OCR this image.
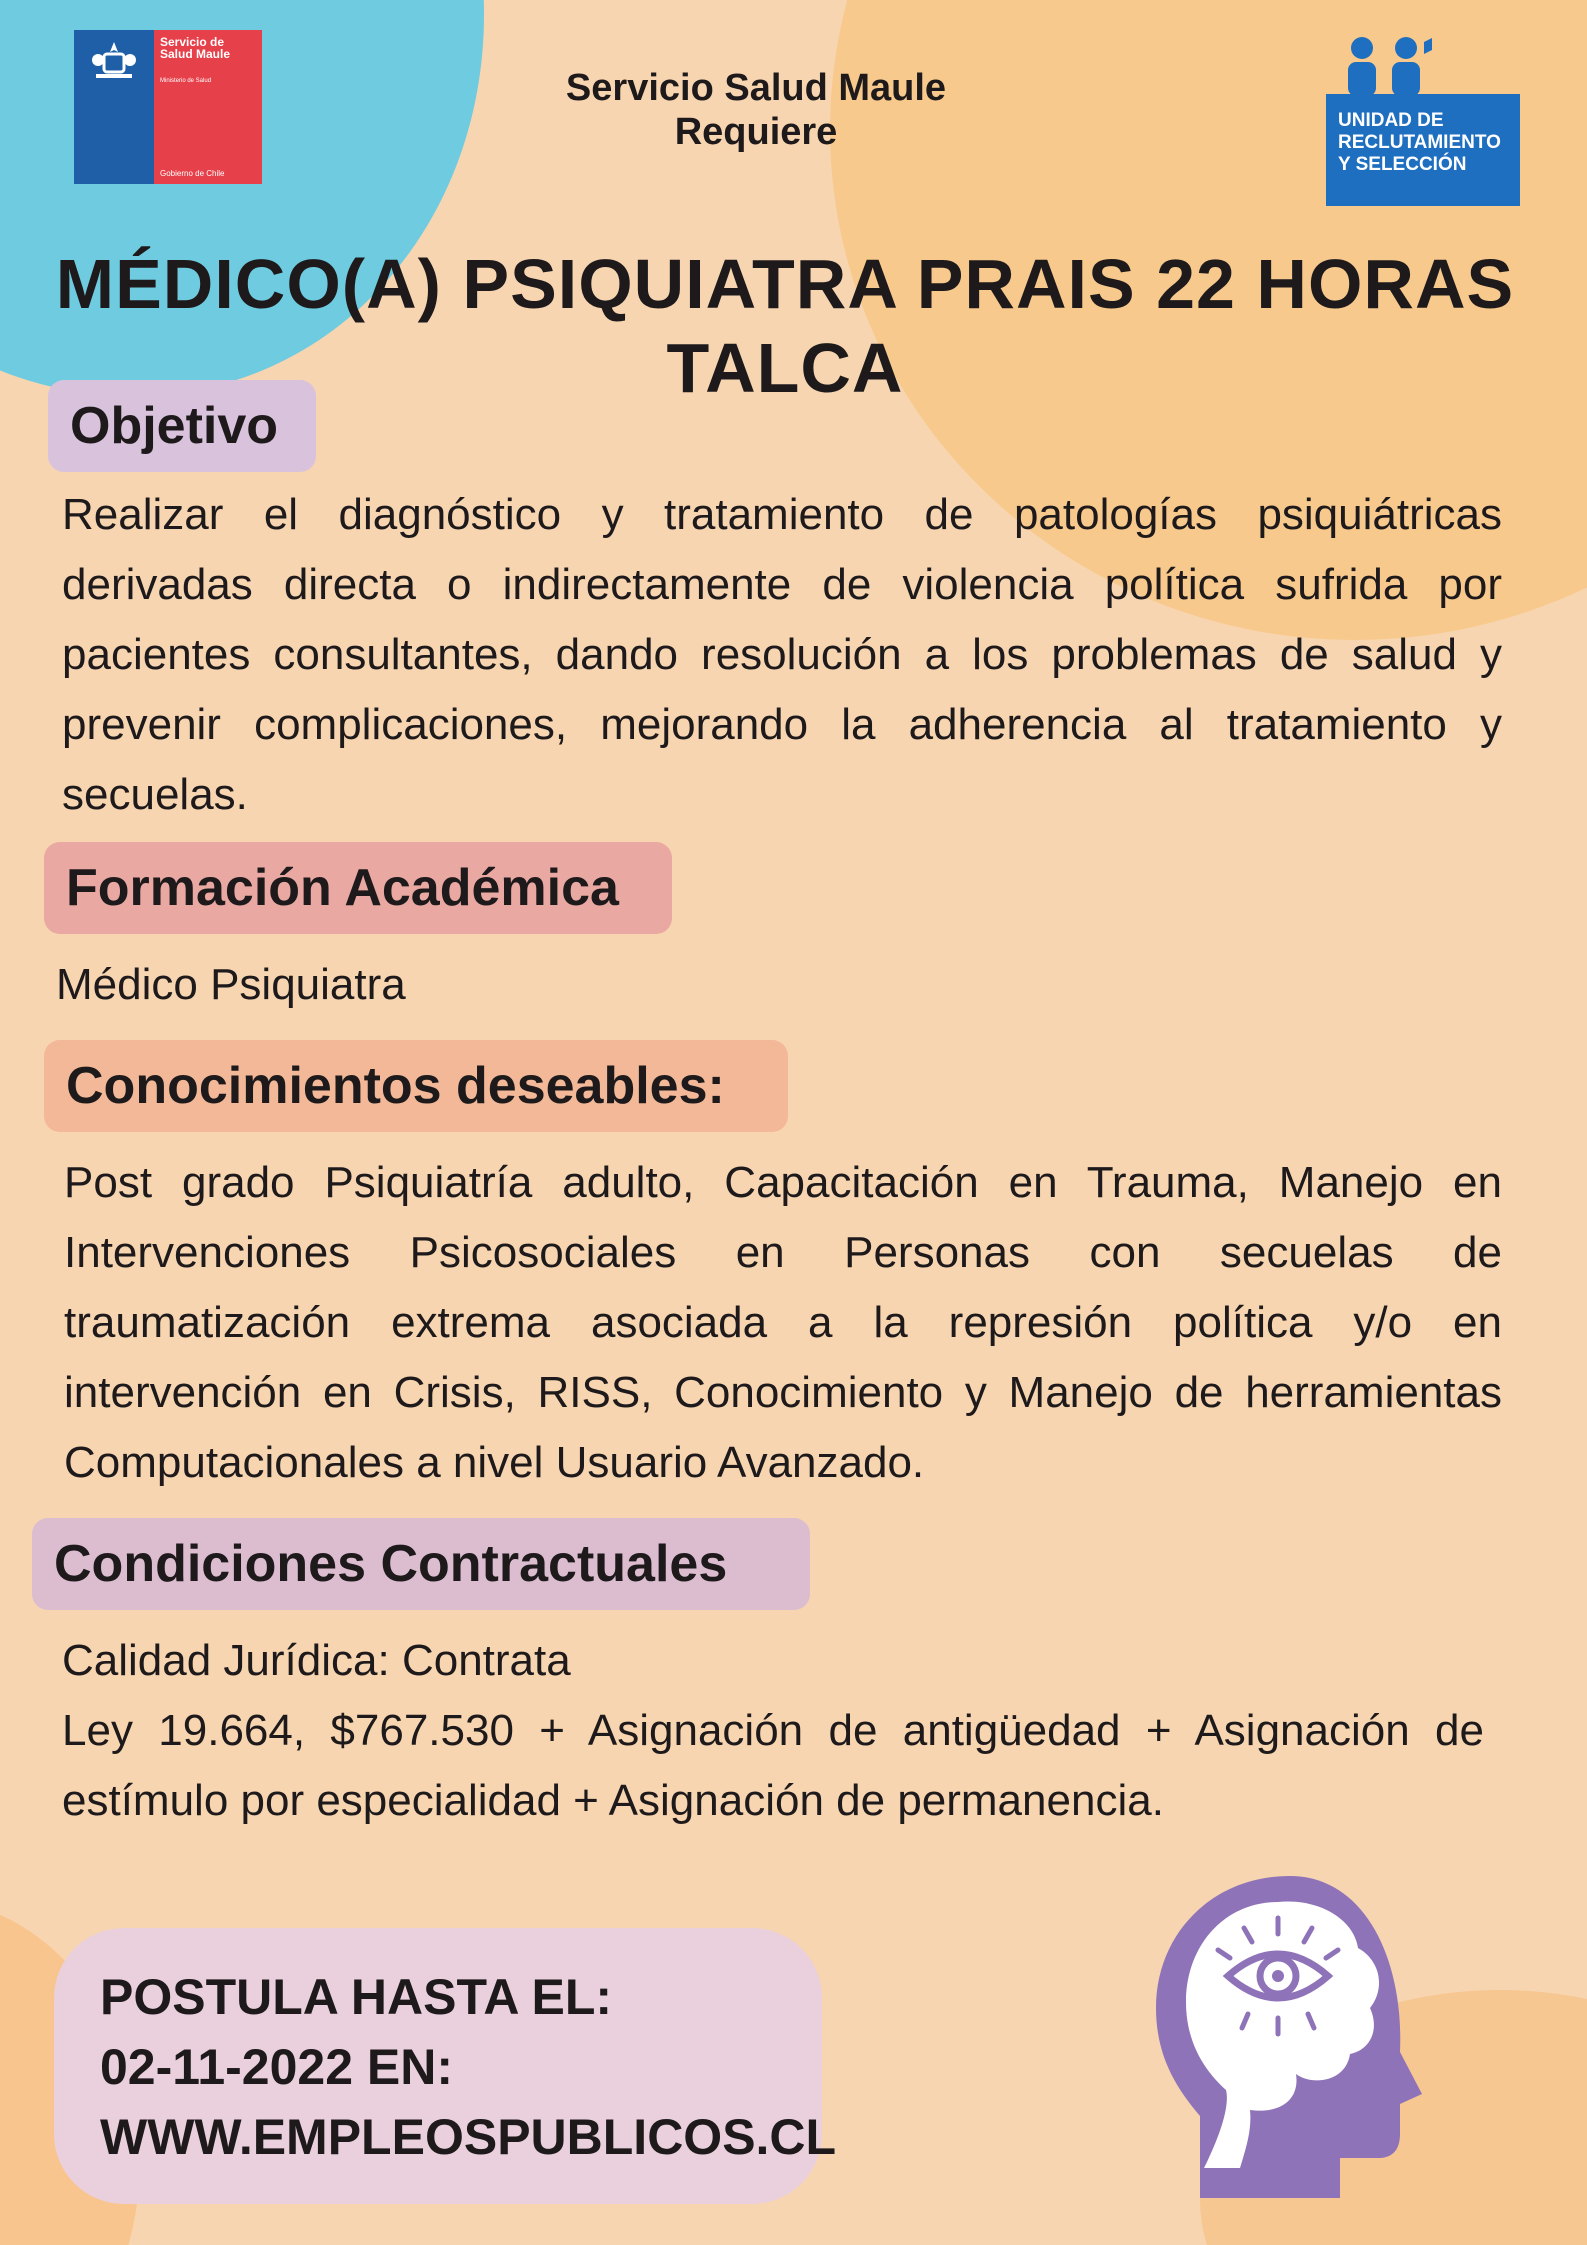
Servicio de Salud Maule
Ministerio de Salud
Gobierno de Chile
Servicio Salud Maule
Requiere	UNIDAD DE
RECLUTAMIENTO
Y SELECCIÓN
MÉDICO(A) PSIQUIATRA PRAIS 22 HORAS
TALCA
Objetivo
Realizar el diagnóstico y tratamiento de patologías psiquiátricas derivadas directa o indirectamente de violencia política sufrida por pacientes consultantes, dando resolución a los problemas de salud y prevenir complicaciones, mejorando la adherencia al tratamiento y secuelas.
Formación Académica
Médico Psiquiatra
Conocimientos deseables:
Post grado Psiquiatría adulto, Capacitación en Trauma, Manejo en Intervenciones Psicosociales en Personas con secuelas de traumatización extrema asociada a la represión política y/o en intervención en Crisis, RISS, Conocimiento y Manejo de herramientas Computacionales a nivel Usuario Avanzado.
Condiciones Contractuales
Calidad Jurídica: Contrata
Ley 19.664, $767.530 + Asignación de antigüedad + Asignación de estímulo por especialidad + Asignación de permanencia.
POSTULA HASTA EL:
02-11-2022 EN:
WWW.EMPLEOSPUBLICOS.CL
